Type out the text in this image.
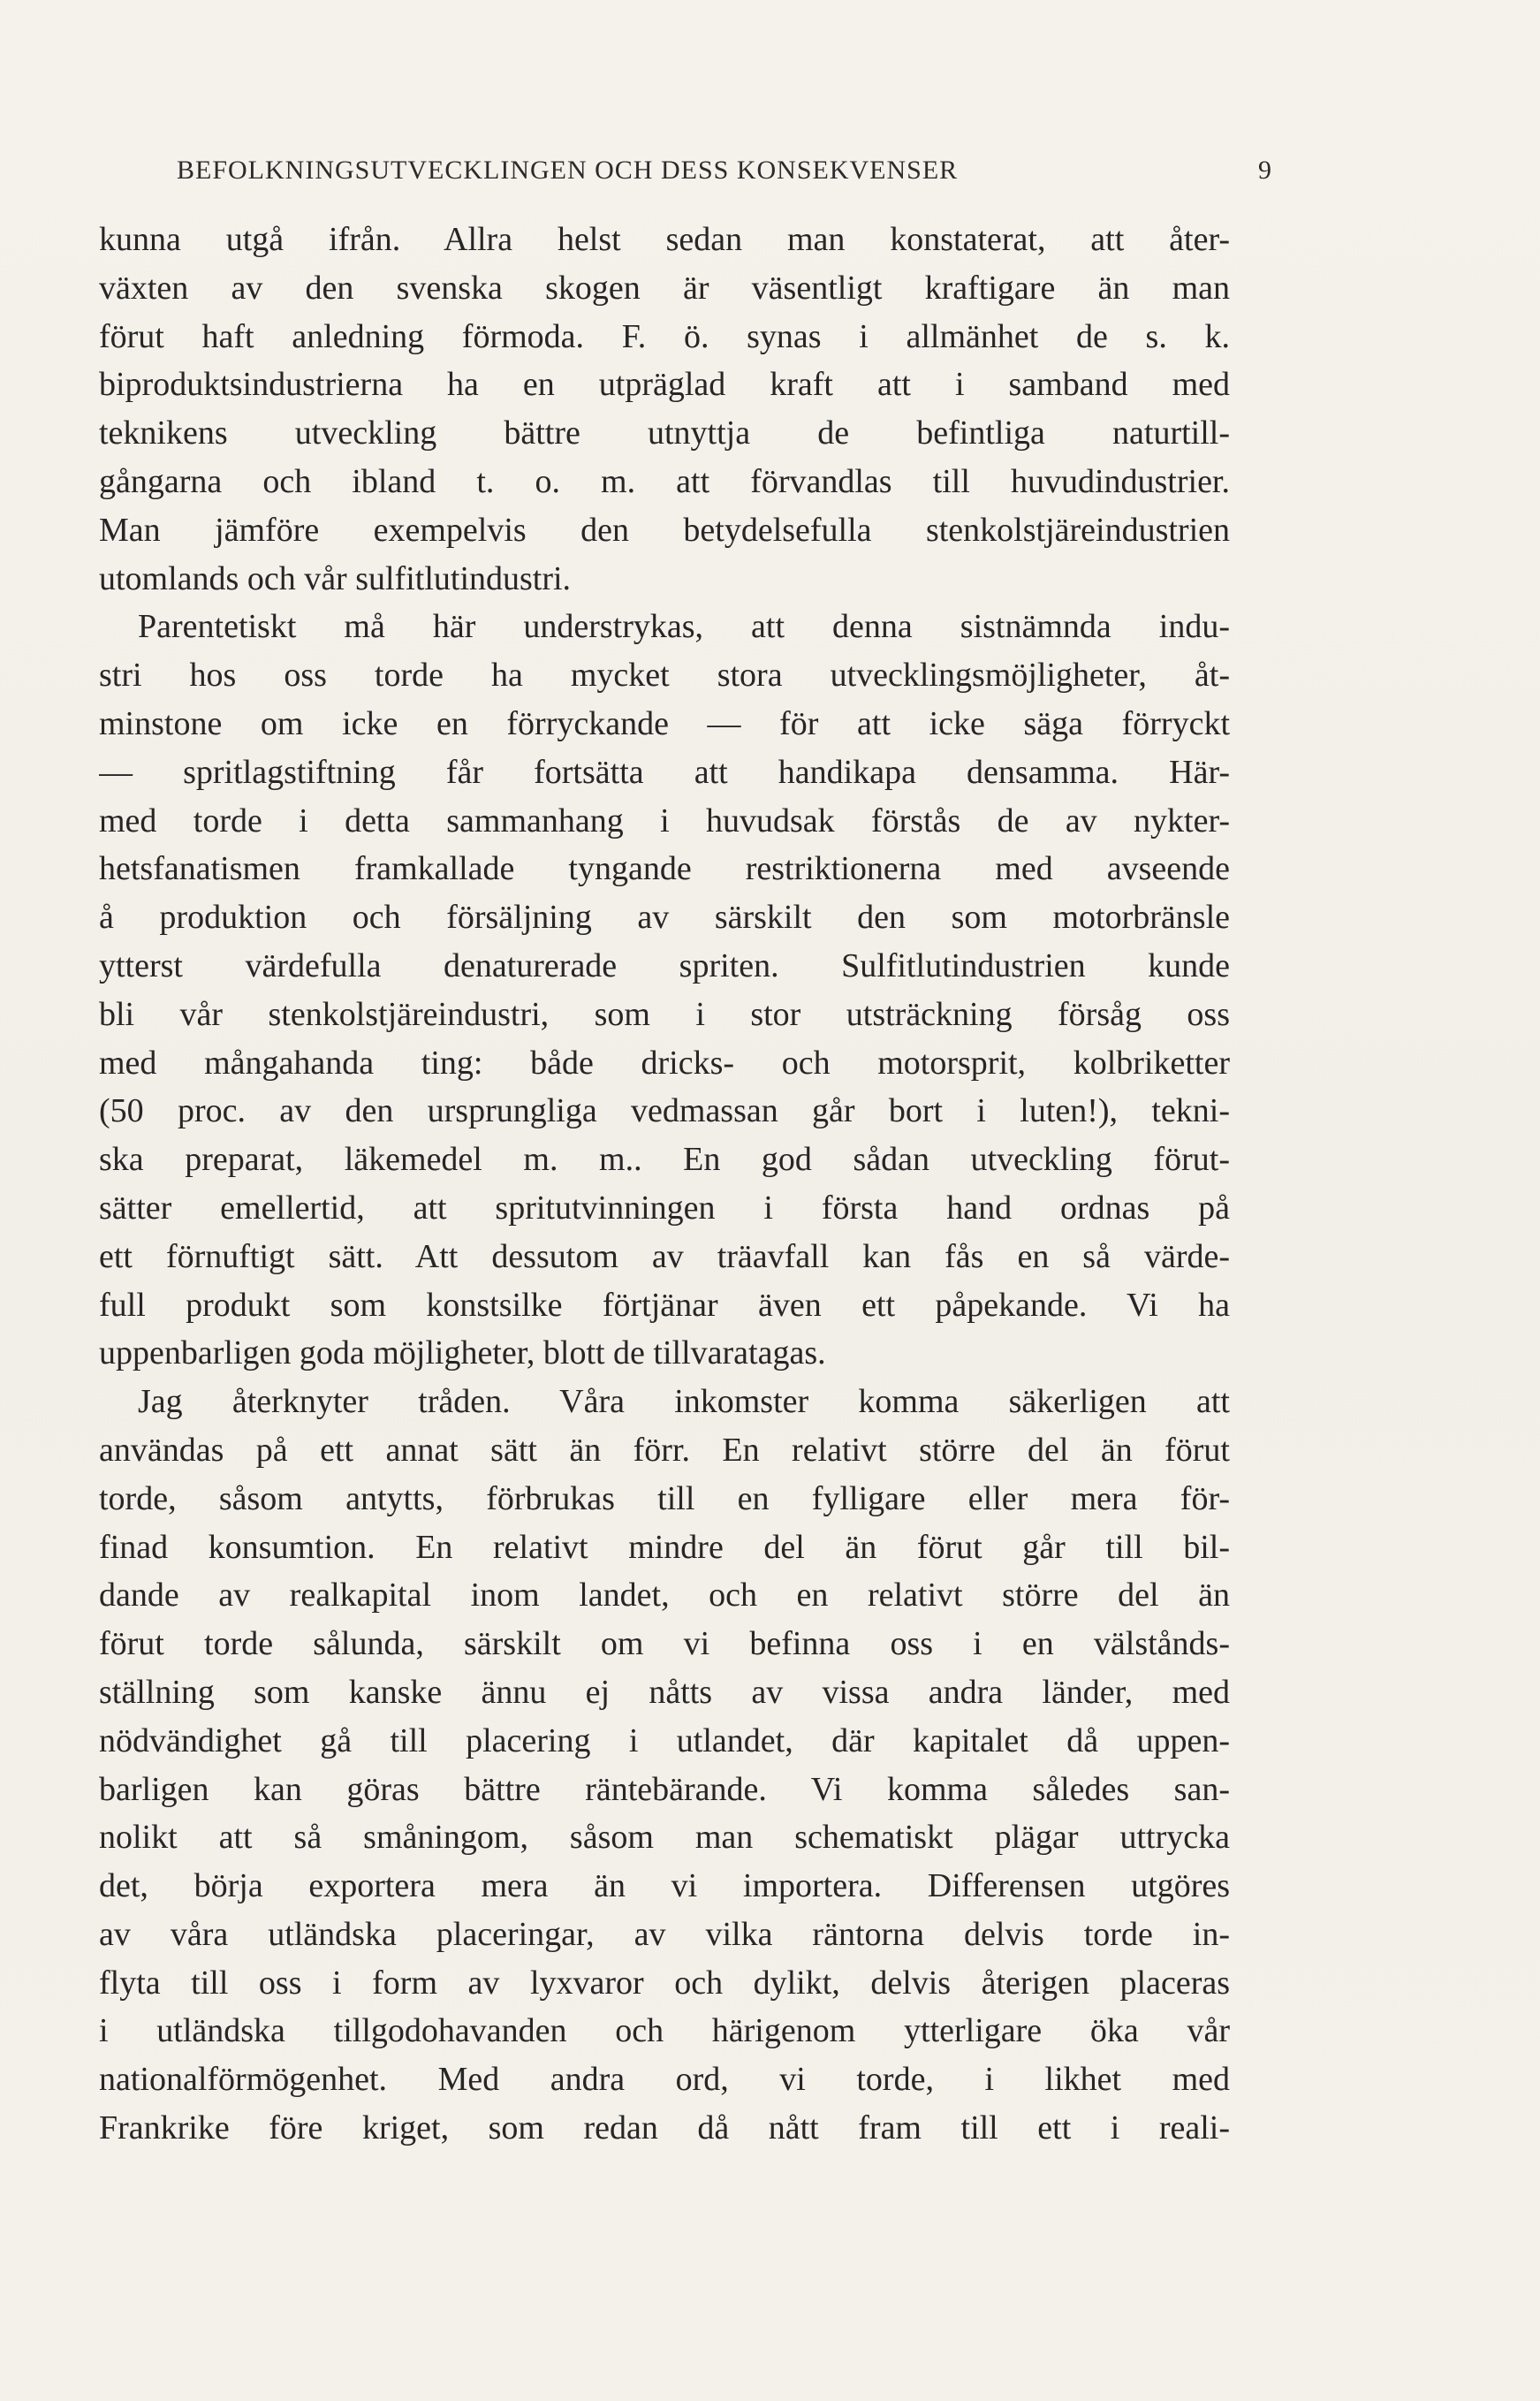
BEFOLKNINGSUTVECKLINGEN OCH DESS KONSEKVENSER	9
kunna utgå ifrån. Allra helst sedan man konstaterat, att åter-
växten av den svenska skogen är väsentligt kraftigare än man
förut haft anledning förmoda. F. ö. synas i allmänhet de s. k.
biproduktsindustrierna ha en utpräglad kraft att i samband med
teknikens utveckling bättre utnyttja de befintliga naturtill-
gångarna och ibland t. o. m. att förvandlas till huvudindustrier.
Man jämföre exempelvis den betydelsefulla stenkolstjäreindustrien
utomlands och vår sulfitlutindustri.
Parentetiskt må här understrykas, att denna sistnämnda indu-
stri hos oss torde ha mycket stora utvecklingsmöjligheter, åt-
minstone om icke en förryckande — för att icke säga förryckt
— spritlagstiftning får fortsätta att handikapa densamma. Här-
med torde i detta sammanhang i huvudsak förstås de av nykter-
hetsfanatismen framkallade tyngande restriktionerna med avseende
å produktion och försäljning av särskilt den som motorbränsle
ytterst värdefulla denaturerade spriten. Sulfitlutindustrien kunde
bli vår stenkolstjäreindustri, som i stor utsträckning försåg oss
med mångahanda ting: både dricks- och motorsprit, kolbriketter
(50 proc. av den ursprungliga vedmassan går bort i luten!), tekni-
ska preparat, läkemedel m. m.. En god sådan utveckling förut-
sätter emellertid, att spritutvinningen i första hand ordnas på
ett förnuftigt sätt. Att dessutom av träavfall kan fås en så värde-
full produkt som konstsilke förtjänar även ett påpekande. Vi ha
uppenbarligen goda möjligheter, blott de tillvaratagas.
Jag återknyter tråden. Våra inkomster komma säkerligen att
användas på ett annat sätt än förr. En relativt större del än förut
torde, såsom antytts, förbrukas till en fylligare eller mera för-
finad konsumtion. En relativt mindre del än förut går till bil-
dande av realkapital inom landet, och en relativt större del än
förut torde sålunda, särskilt om vi befinna oss i en välstånds-
ställning som kanske ännu ej nåtts av vissa andra länder, med
nödvändighet gå till placering i utlandet, där kapitalet då uppen-
barligen kan göras bättre räntebärande. Vi komma således san-
nolikt att så småningom, såsom man schematiskt plägar uttrycka
det, börja exportera mera än vi importera. Differensen utgöres
av våra utländska placeringar, av vilka räntorna delvis torde in-
flyta till oss i form av lyxvaror och dylikt, delvis återigen placeras
i utländska tillgodohavanden och härigenom ytterligare öka vår
nationalförmögenhet. Med andra ord, vi torde, i likhet med
Frankrike före kriget, som redan då nått fram till ett i reali-
